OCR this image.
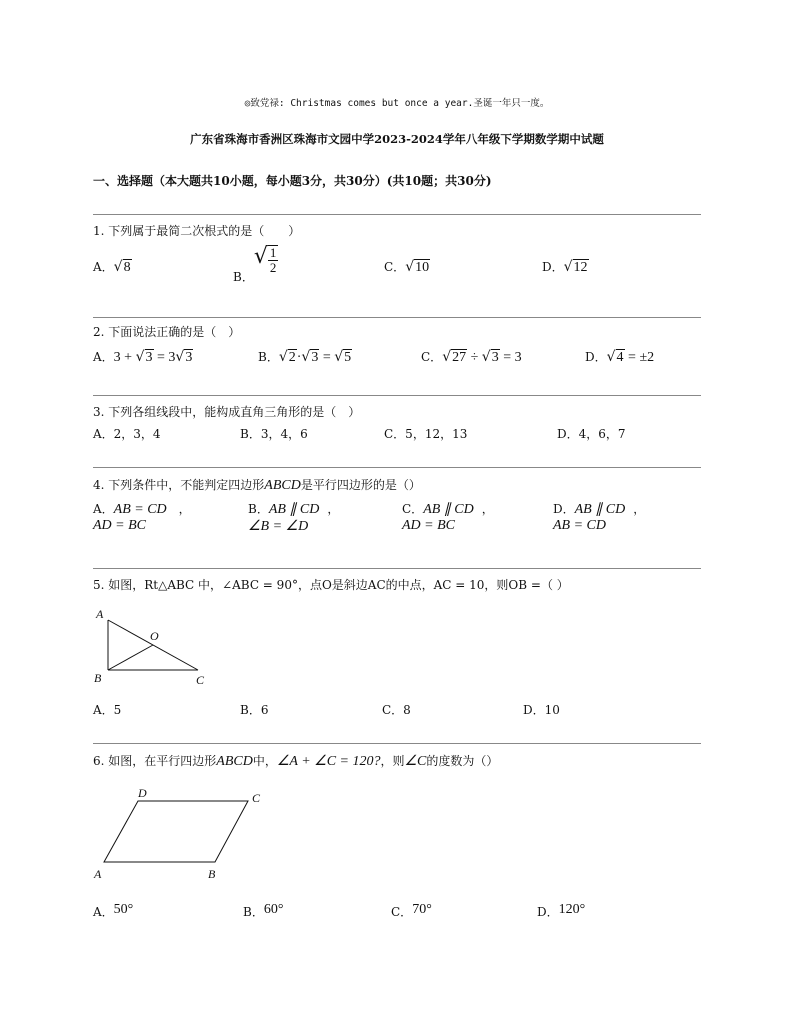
◎致党禄: Christmas comes but once a year.圣诞一年只一度。
广东省珠海市香洲区珠海市文园中学2023-2024学年八年级下学期数学期中试题
一、选择题（本大题共10小题，每小题3分，共30分）(共10题；共30分)
1. 下列属于最简二次根式的是（　　）
A．√8
B．√ $\frac{1}{2}$	C．√10	D．√12
2. 下面说法正确的是（　）
A．3 + √3 = 3√3	B．√2·√3 = √5	C．√27 ÷ √3 = 3	D．√4 = ±2
3. 下列各组线段中，能构成直角三角形的是（　）
A．2，3，4	B．3，4，6	C．5，12，13	D．4，6，7
4. 下列条件中，不能判定四边形ABCD是平行四边形的是（）
A．AB = CD ，
AD = BC
B．AB ∥ CD ，
∠B = ∠D
C．AB ∥ CD ，
AD = BC
D．AB ∥ CD ，
AB = CD
5. 如图，Rt△ABC 中，∠ABC = 90°，点O是斜边AC的中点，AC = 10，则OB =（ ）
A
B	C
O
A．5	B．6	C．8	D．10
6. 如图，在平行四边形ABCD中，∠A + ∠C = 120?，则∠C的度数为（）
A	B
C
D
A．50°	B．60°	C．70°	D．120°
